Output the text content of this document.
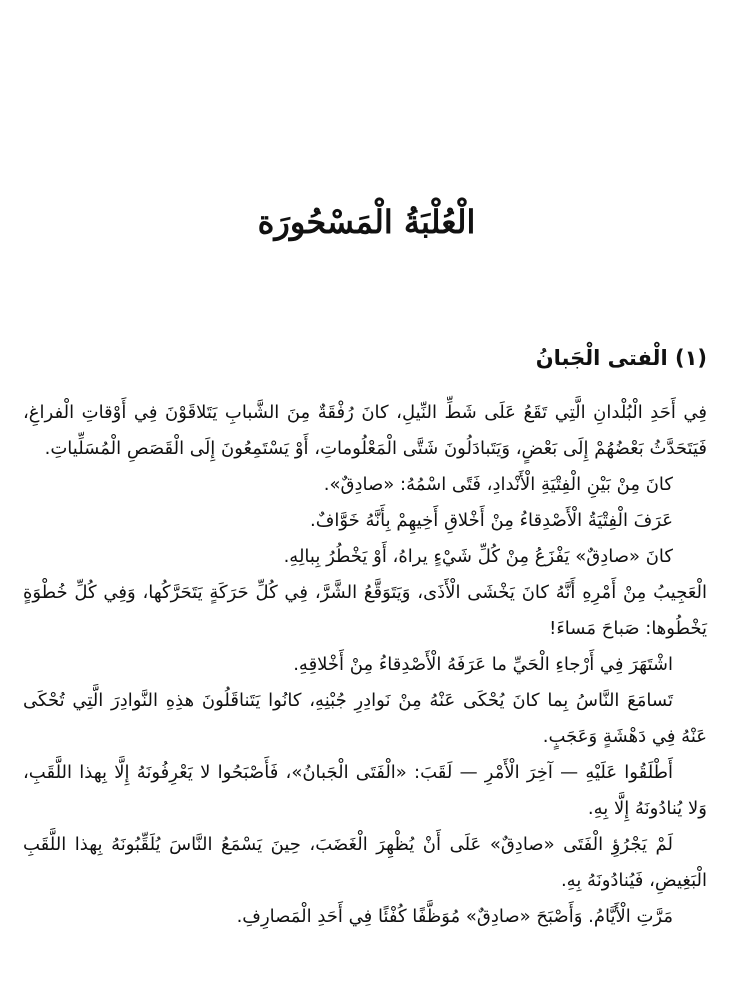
الْعُلْبَةُ الْمَسْحُورَة
(١) الْفتى الْجَبانُ

فِي أَحَدِ الْبُلْدانِ الَّتِي تَقَعُ عَلَى شَطِّ النِّيلِ، كانَ رُفْقَةٌ مِنَ الشَّبابِ يَتَلاقَوْنَ فِي أَوْقاتِ الْفراغِ، فَيَتَحَدَّثُ بَعْضُهُمْ إِلَى بَعْضٍ، وَيَتَبادَلُونَ شَتَّى الْمَعْلُوماتِ، أَوْ يَسْتَمِعُونَ إِلَى الْقَصَصِ الْمُسَلِّياتِ.

كانَ مِنْ بَيْنِ الْفِتْيَةِ الْأَنْدادِ، فَتًى اسْمُهُ: «صادِقٌ».

عَرَفَ الْفِتْيَةُ الْأَصْدِقاءُ مِنْ أَخْلاقِ أَخِيهِمْ بِأَنَّهُ خَوَّافٌ.

كانَ «صادِقٌ» يَفْزَعُ مِنْ كُلِّ شَيْءٍ يراهُ، أَوْ يَخْطُرُ بِبالِهِ.

الْعَجِيبُ مِنْ أَمْرِهِ أَنَّهُ كانَ يَخْشَى الْأَذَى، وَيَتَوَقَّعُ الشَّرَّ، فِي كُلِّ حَرَكَةٍ يَتَحَرَّكُها، وَفِي كُلِّ خُطْوَةٍ يَخْطُوها: صَباحَ مَساءَ!

اشْتَهَرَ فِي أَرْجاءِ الْحَيِّ ما عَرَفَهُ الْأَصْدِقاءُ مِنْ أَخْلاقِهِ.

تَسامَعَ النَّاسُ بِما كانَ يُحْكَى عَنْهُ مِنْ نَوادِرِ جُبْنِهِ، كانُوا يَتَناقَلُونَ هذِهِ النَّوادِرَ الَّتِي تُحْكَى عَنْهُ فِي دَهْشَةٍ وَعَجَبٍ.

أَطْلَقُوا عَلَيْهِ — آخِرَ الْأَمْرِ — لَقَبَ: «الْفَتَى الْجَبانُ»، فَأَصْبَحُوا لا يَعْرِفُونَهُ إِلَّا بِهذا اللَّقَبِ، وَلا يُنادُونَهُ إِلَّا بِهِ.

لَمْ يَجْرُؤِ الْفَتَى «صادِقٌ» عَلَى أَنْ يُظْهِرَ الْغَضَبَ، حِينَ يَسْمَعُ النَّاسَ يُلَقِّبُونَهُ بِهذا اللَّقَبِ الْبَغِيضِ، فَيُنادُونَهُ بِهِ.

مَرَّتِ الْأَيَّامُ. وَأَصْبَحَ «صادِقٌ» مُوَظَّفًا كُفْئًا فِي أَحَدِ الْمَصارِفِ.
